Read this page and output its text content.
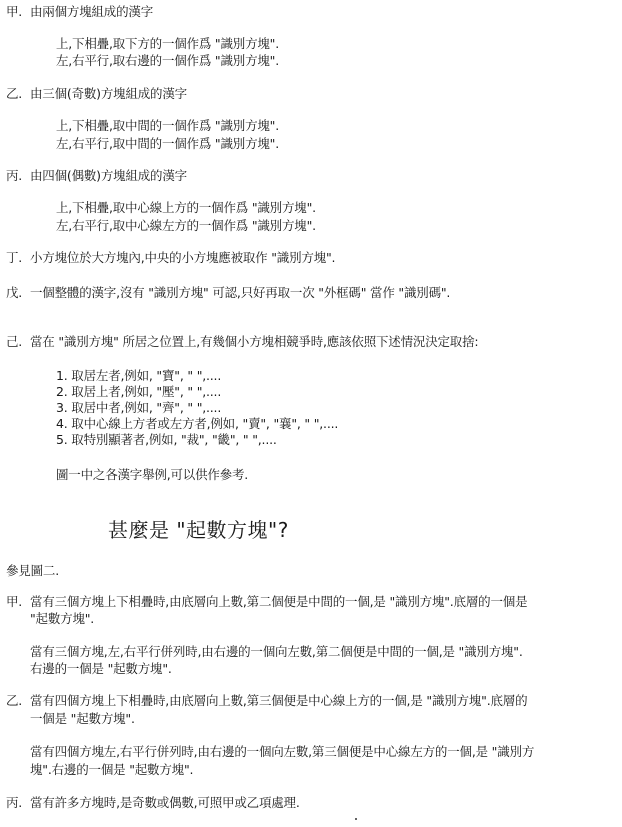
甲. 由兩個方塊組成的漢字
上,下相疊,取下方的一個作爲 "識別方塊".
左,右平行,取右邊的一個作爲 "識別方塊".
乙. 由三個(奇數)方塊組成的漢字
上,下相疊,取中間的一個作爲 "識別方塊".
左,右平行,取中間的一個作爲 "識別方塊".
丙. 由四個(偶數)方塊組成的漢字
上,下相疊,取中心線上方的一個作爲 "識別方塊".
左,右平行,取中心線左方的一個作爲 "識別方塊".
丁. 小方塊位於大方塊內,中央的小方塊應被取作 "識別方塊".
戊. 一個整體的漢字,沒有 "識別方塊" 可認,只好再取一次 "外框碼" 當作 "識別碼".
己. 當在 "識別方塊" 所居之位置上,有幾個小方塊相競爭時,應該依照下述情況決定取捨:
1. 取居左者,例如, "寶", " ",....
2. 取居上者,例如, "壓", " ",....
3. 取居中者,例如, "齊", " ",....
4. 取中心線上方者或左方者,例如, "賣", "襄", " ",....
5. 取特別顯著者,例如, "裁", "畿", " ",....
圖一中之各漢字舉例,可以供作參考.
甚麼是 "起數方塊"?
參見圖二.
甲. 當有三個方塊上下相疊時,由底層向上數,第二個便是中間的一個,是 "識別方塊".底層的一個是
"起數方塊".
當有三個方塊,左,右平行併列時,由右邊的一個向左數,第二個便是中間的一個,是 "識別方塊".
右邊的一個是 "起數方塊".
乙. 當有四個方塊上下相疊時,由底層向上數,第三個便是中心線上方的一個,是 "識別方塊".底層的
一個是 "起數方塊".
當有四個方塊左,右平行併列時,由右邊的一個向左數,第三個便是中心線左方的一個,是 "識別方
塊".右邊的一個是 "起數方塊".
丙. 當有許多方塊時,是奇數或偶數,可照甲或乙項處理.
